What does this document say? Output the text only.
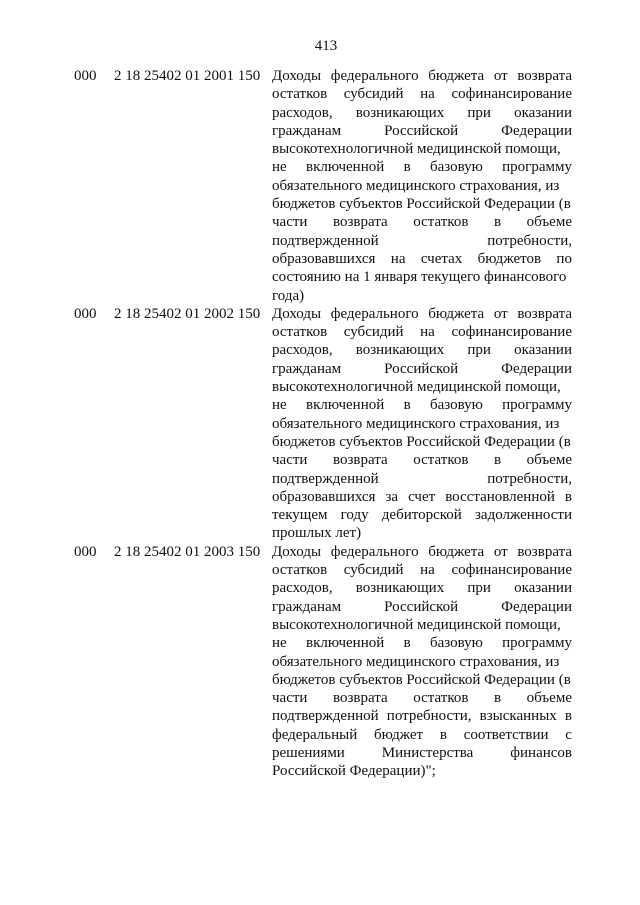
413
000	2 18 25402 01 2001 150 Доходы федерального бюджета от возврата
остатков субсидий на софинансирование
расходов, возникающих при оказании
гражданам	Российской	Федерации
высокотехнологичной медицинской помощи,
не включенной в базовую программу
обязательного медицинского страхования, из
бюджетов субъектов Российской Федерации (в
части возврата остатков в объеме
подтвержденной	потребности,
образовавшихся на счетах бюджетов по
состоянию на 1 января текущего финансового
года)
000	2 18 25402 01 2002 150 Доходы федерального бюджета от возврата
остатков субсидий на софинансирование
расходов, возникающих при оказании
гражданам	Российской	Федерации
высокотехнологичной медицинской помощи,
не включенной в базовую программу
обязательного медицинского страхования, из
бюджетов субъектов Российской Федерации (в
части возврата остатков в объеме
подтвержденной	потребности,
образовавшихся за счет восстановленной в
текущем году дебиторской задолженности
прошлых лет)
000	2 18 25402 01 2003 150 Доходы федерального бюджета от возврата
остатков субсидий на софинансирование
расходов, возникающих при оказании
гражданам	Российской	Федерации
высокотехнологичной медицинской помощи,
не включенной в базовую программу
обязательного медицинского страхования, из
бюджетов субъектов Российской Федерации (в
части возврата остатков в объеме
подтвержденной потребности, взысканных в
федеральный бюджет в соответствии с
решениями Министерства финансов
Российской Федерации)";
